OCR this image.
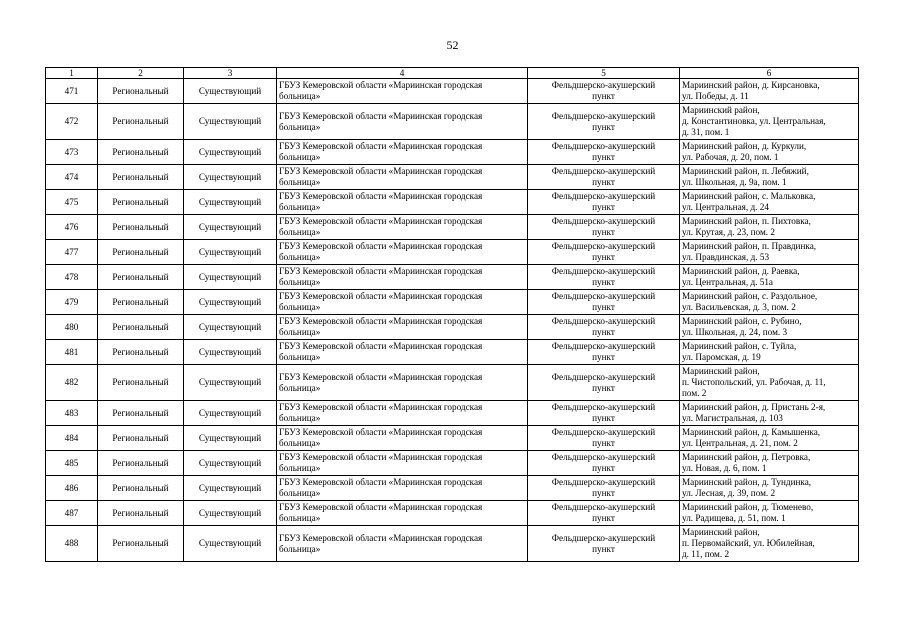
52
1	2	3	4	5	6
471	Региональный	Существующий	ГБУЗ Кемеровской области «Мариинская городская
больница»	Фельдшерско-акушерский
пункт	Мариинский район, д. Кирсановка,
ул. Победы, д. 11
472	Региональный	Существующий	ГБУЗ Кемеровской области «Мариинская городская
больница»	Фельдшерско-акушерский
пункт	Мариинский район,
д. Константиновка, ул. Центральная,
д. 31, пом. 1
473	Региональный	Существующий	ГБУЗ Кемеровской области «Мариинская городская
больница»	Фельдшерско-акушерский
пункт	Мариинский район, д. Куркули,
ул. Рабочая, д. 20, пом. 1
474	Региональный	Существующий	ГБУЗ Кемеровской области «Мариинская городская
больница»	Фельдшерско-акушерский
пункт	Мариинский район, п. Лебяжий,
ул. Школьная, д. 9а, пом. 1
475	Региональный	Существующий	ГБУЗ Кемеровской области «Мариинская городская
больница»	Фельдшерско-акушерский
пункт	Мариинский район, с. Мальковка,
ул. Центральная, д. 24
476	Региональный	Существующий	ГБУЗ Кемеровской области «Мариинская городская
больница»	Фельдшерско-акушерский
пункт	Мариинский район, п. Пихтовка,
ул. Крутая, д. 23, пом. 2
477	Региональный	Существующий	ГБУЗ Кемеровской области «Мариинская городская
больница»	Фельдшерско-акушерский
пункт	Мариинский район, п. Правдинка,
ул. Правдинская, д. 53
478	Региональный	Существующий	ГБУЗ Кемеровской области «Мариинская городская
больница»	Фельдшерско-акушерский
пункт	Мариинский район, д. Раевка,
ул. Центральная, д. 51а
479	Региональный	Существующий	ГБУЗ Кемеровской области «Мариинская городская
больница»	Фельдшерско-акушерский
пункт	Мариинский район, с. Раздольное,
ул. Васильевская, д. 3, пом. 2
480	Региональный	Существующий	ГБУЗ Кемеровской области «Мариинская городская
больница»	Фельдшерско-акушерский
пункт	Мариинский район, с. Рубино,
ул. Школьная, д. 24, пом. 3
481	Региональный	Существующий	ГБУЗ Кемеровской области «Мариинская городская
больница»	Фельдшерско-акушерский
пункт	Мариинский район, с. Туйла,
ул. Паромская, д. 19
482	Региональный	Существующий	ГБУЗ Кемеровской области «Мариинская городская
больница»	Фельдшерско-акушерский
пункт	Мариинский район,
п. Чистопольский, ул. Рабочая, д. 11,
пом. 2
483	Региональный	Существующий	ГБУЗ Кемеровской области «Мариинская городская
больница»	Фельдшерско-акушерский
пункт	Мариинский район, д. Пристань 2-я,
ул. Магистральная, д. 103
484	Региональный	Существующий	ГБУЗ Кемеровской области «Мариинская городская
больница»	Фельдшерско-акушерский
пункт	Мариинский район, д. Камышенка,
ул. Центральная, д. 21, пом. 2
485	Региональный	Существующий	ГБУЗ Кемеровской области «Мариинская городская
больница»	Фельдшерско-акушерский
пункт	Мариинский район, д. Петровка,
ул. Новая, д. 6, пом. 1
486	Региональный	Существующий	ГБУЗ Кемеровской области «Мариинская городская
больница»	Фельдшерско-акушерский
пункт	Мариинский район, д. Тундинка,
ул. Лесная, д. 39, пом. 2
487	Региональный	Существующий	ГБУЗ Кемеровской области «Мариинская городская
больница»	Фельдшерско-акушерский
пункт	Мариинский район, д. Тюменево,
ул. Радищева, д. 51, пом. 1
488	Региональный	Существующий	ГБУЗ Кемеровской области «Мариинская городская
больница»	Фельдшерско-акушерский
пункт	Мариинский район,
п. Первомайский, ул. Юбилейная,
д. 11, пом. 2
